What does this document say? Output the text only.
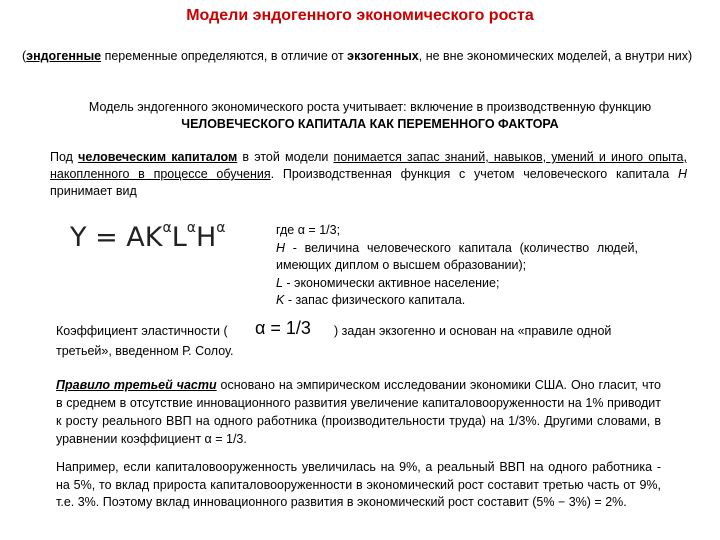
Модели эндогенного экономического роста
(эндогенные переменные определяются, в отличие от экзогенных, не вне экономических моделей, а внутри них)
Модель эндогенного экономического роста учитывает: включение в производственную функцию ЧЕЛОВЕЧЕСКОГО КАПИТАЛА КАК ПЕРЕМЕННОГО ФАКТОРА
Под человеческим капиталом в этой модели понимается запас знаний, навыков, умений и иного опыта, накопленного в процессе обучения. Производственная функция с учетом человеческого капитала H принимает вид
$Y = AK^\alpha L^\alpha H^\alpha$	где α = 1/3;
H - величина человеческого капитала (количество людей, имеющих диплом о высшем образовании);
L - экономически активное население;
K - запас физического капитала.
Коэффициент эластичности ( α = 1/3 ) задан экзогенно и основан на «правиле одной
третьей», введенном Р. Солоу.
Правило третьей части основано на эмпирическом исследовании экономики США. Оно гласит, что в среднем в отсутствие инновационного развития увеличение капиталовооруженности на 1% приводит к росту реального ВВП на одного работника (производительности труда) на 1/3%. Другими словами, в уравнении коэффициент α = 1/3.
Например, если капиталовооруженность увеличилась на 9%, а реальный ВВП на одного работника - на 5%, то вклад прироста капиталовооруженности в экономический рост составит третью часть от 9%, т.е. 3%. Поэтому вклад инновационного развития в экономический рост составит (5% − 3%) = 2%.
